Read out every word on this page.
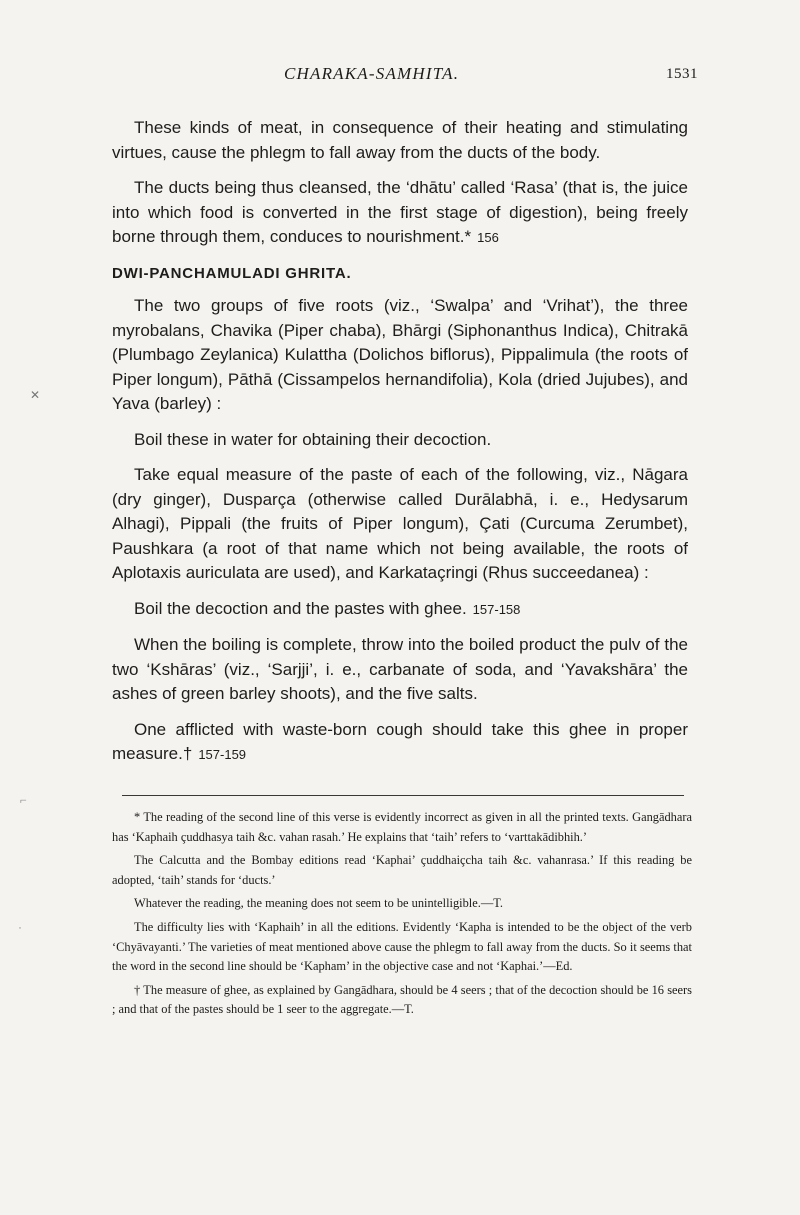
CHARAKA-SAMHITA.	1531

These kinds of meat, in consequence of their heating and stimulating virtues, cause the phlegm to fall away from the ducts of the body.

The ducts being thus cleansed, the ‘dhātu’ called ‘Rasa’ (that is, the juice into which food is converted in the first stage of digestion), being freely borne through them, conduces to nourishment.* 156

DWI-PANCHAMULADI GHRITA.

The two groups of five roots (viz., ‘Swalpa’ and ‘Vrihat’), the three myrobalans, Chavika (Piper chaba), Bhārgi (Siphonanthus Indica), Chitrakā (Plumbago Zeylanica) Kulattha (Dolichos biflorus), Pippalimula (the roots of Piper longum), Pāthā (Cissampelos hernandifolia), Kola (dried Jujubes), and Yava (barley) :

Boil these in water for obtaining their decoction.

Take equal measure of the paste of each of the following, viz., Nāgara (dry ginger), Dusparça (otherwise called Durālabhā, i. e., Hedysarum Alhagi), Pippali (the fruits of Piper longum), Çati (Curcuma Zerumbet), Paushkara (a root of that name which not being available, the roots of Aplotaxis auriculata are used), and Karkataçringi (Rhus succeedanea) :

Boil the decoction and the pastes with ghee. 157-158

When the boiling is complete, throw into the boiled product the pulv of the two ‘Kshāras’ (viz., ‘Sarjji’, i. e., carbanate of soda, and ‘Yavakshāra’ the ashes of green barley shoots), and the five salts.

One afflicted with waste-born cough should take this ghee in proper measure.† 157-159

* The reading of the second line of this verse is evidently incorrect as given in all the printed texts. Gangādhara has ‘Kaphaih çuddhasya taih &c. vahan rasah.’ He explains that ‘taih’ refers to ‘varttakādibhih.’

The Calcutta and the Bombay editions read ‘Kaphai’ çuddhaiçcha taih &c. vahanrasa.’ If this reading be adopted, ‘taih’ stands for ‘ducts.’

Whatever the reading, the meaning does not seem to be unintelligible.—T.

The difficulty lies with ‘Kaphaih’ in all the editions. Evidently ‘Kapha is intended to be the object of the verb ‘Chyāvayanti.’ The varieties of meat mentioned above cause the phlegm to fall away from the ducts. So it seems that the word in the second line should be ‘Kapham’ in the objective case and not ‘Kaphai.’—Ed.

† The measure of ghee, as explained by Gangādhara, should be 4 seers ; that of the decoction should be 16 seers ; and that of the pastes should be 1 seer to the aggregate.—T.

✕
⌐
˙
